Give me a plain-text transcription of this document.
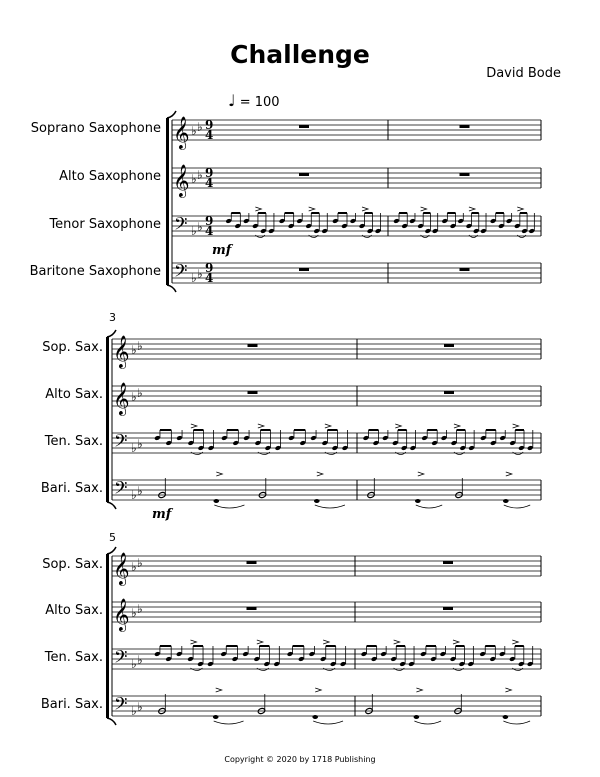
Challenge
David Bode
♩ = 100
Soprano Saxophone
Alto Saxophone
Tenor Saxophone
Baritone Saxophone
3
Sop. Sax.
Alto Sax.
Ten. Sax.
Bari. Sax.
5
Sop. Sax.
Alto Sax.
Ten. Sax.
Bari. Sax.
𝄞 ♭ ♭ 9
4
𝄞 ♭ ♭ 9
4
𝄢 ♭ ♭ 9
4
𝄢 ♭ ♭ 9
4
mf
𝄞 ♭ ♭
𝄞 ♭ ♭
𝄢 ♭ ♭
𝄢 ♭ ♭
mf
𝄞 ♭ ♭
𝄞 ♭ ♭
𝄢 ♭ ♭
𝄢 ♭ ♭
Copyright © 2020 by 1718 Publishing
